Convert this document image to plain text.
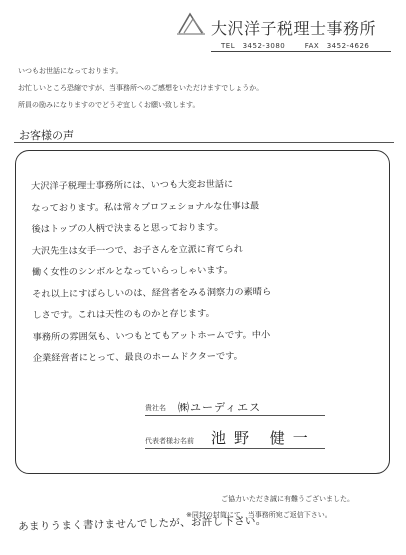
大沢洋子税理士事務所
TEL　3452-3080	FAX　3452-4626
いつもお世話になっております。
お忙しいところ恐縮ですが、当事務所へのご感想をいただけますでしょうか。
所員の励みになりますのでどうぞ宜しくお願い致します。
お客様の声
大沢洋子税理士事務所には、いつも大変お世話に
なっております。私は常々プロフェショナルな仕事は最
後はトップの人柄で決まると思っております。
大沢先生は女手一つで、お子さんを立派に育てられ
働く女性のシンボルとなっていらっしゃいます。
それ以上にすばらしいのは、経営者をみる洞察力の素晴ら
しさです。これは天性のものかと存じます。
事務所の雰囲気も、いつもとてもアットホームです。中小
企業経営者にとって、最良のホームドクターです。
貴社名 ㈱ユーディエス
代表者様お名前 池野 健一
ご協力いただき誠に有難うございました。
※同封の封筒にて、当事務所宛ご返信下さい。
あまりうまく書けませんでしたが、お許し下さい。
